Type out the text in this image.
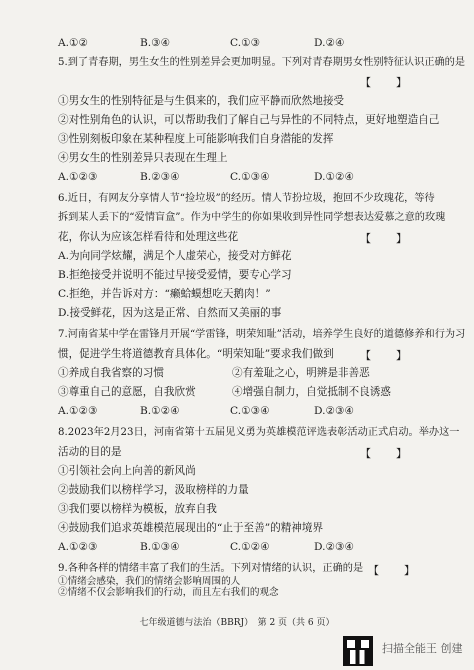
A.①②	B.③④	C.①③	D.②④
5.到了青春期，男生女生的性别差异会更加明显。下列对青春期男女性别特征认识正确的是
【　　】
①男女生的性别特征是与生俱来的，我们应平静而欣然地接受
②对性别角色的认识，可以帮助我们了解自己与异性的不同特点，更好地塑造自己
③性别刻板印象在某种程度上可能影响我们自身潜能的发挥
④男女生的性别差异只表现在生理上
A.①②③	B.②③④	C.①③④	D.①②④
6.近日，有网友分享情人节“捡垃圾”的经历。情人节扮垃圾，抱回不少玫瑰花，等待
拆到某人丢下的“爱情盲盒”。作为中学生的你如果收到异性同学想表达爱慕之意的玫瑰
花，你认为应该怎样看待和处理这些花	【　　】
A.为向同学炫耀，满足个人虚荣心，接受对方鲜花
B.拒绝接受并说明不能过早接受爱情，要专心学习
C.拒绝，并告诉对方：“癞蛤蟆想吃天鹅肉！”
D.接受鲜花，因为这是正常、自然而又美丽的事
7.河南省某中学在雷锋月开展“学雷锋，明荣知耻”活动，培养学生良好的道德修养和行为习
惯，促进学生将道德教育具体化。“明荣知耻”要求我们做到 【　　】
①养成自我省察的习惯	②有羞耻之心，明辨是非善恶
③尊重自己的意愿，自我欣赏	④增强自制力，自觉抵制不良诱惑
A.①②③	B.①②④	C.①③④	D.②③④
8.2023年2月23日，河南省第十五届见义勇为英雄模范评选表彰活动正式启动。举办这一
活动的目的是	【　　】
①引领社会向上向善的新风尚
②鼓励我们以榜样学习，汲取榜样的力量
③我们要以榜样为模板，放弃自我
④鼓励我们追求英雄模范展现出的“止于至善”的精神境界
A.①②③	B.①③④	C.①②④	D.②③④
9.各种各样的情绪丰富了我们的生活。下列对情绪的认识，正确的是 【　　】
①情绪会感染，我们的情绪会影响周围的人
②情绪不仅会影响我们的行动，而且左右我们的观念
七年级道德与法治（BBRJ）　第 2 页（共 6 页）
扫描全能王 创建
